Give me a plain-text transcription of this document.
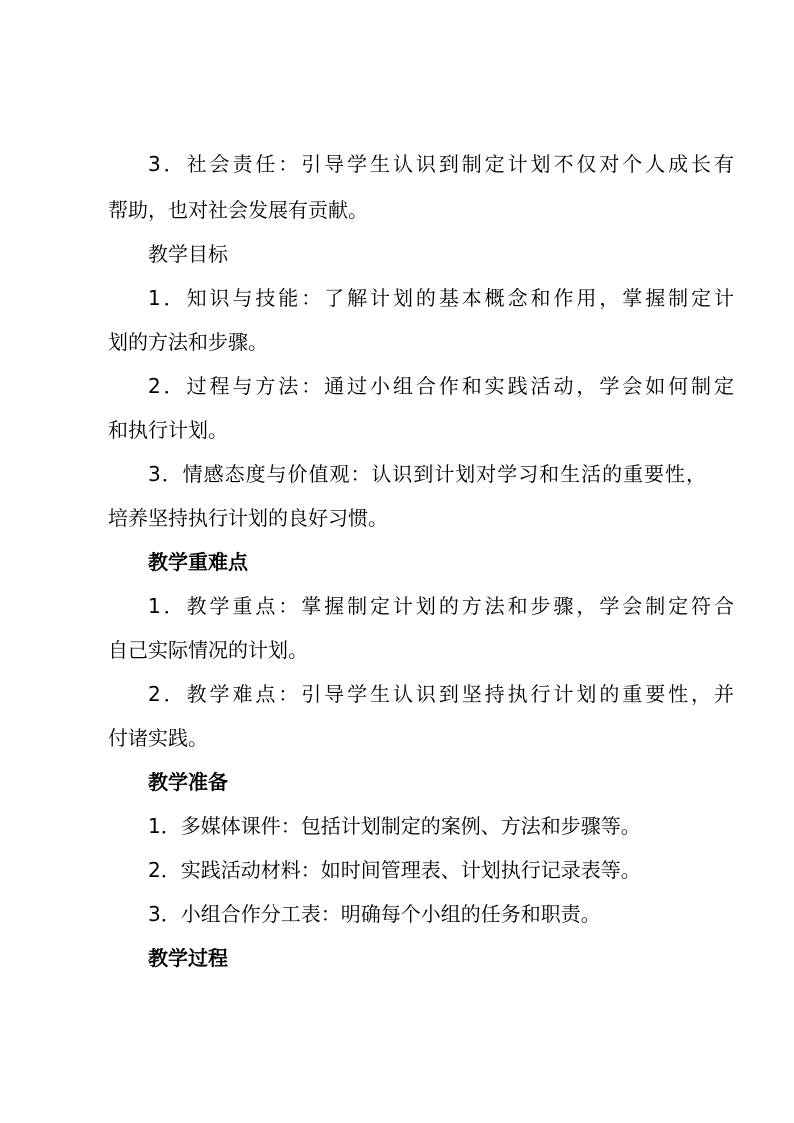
3．社会责任：引导学生认识到制定计划不仅对个人成长有
帮助，也对社会发展有贡献。
教学目标
1．知识与技能：了解计划的基本概念和作用，掌握制定计
划的方法和步骤。
2．过程与方法：通过小组合作和实践活动，学会如何制定
和执行计划。
3．情感态度与价值观：认识到计划对学习和生活的重要性，
培养坚持执行计划的良好习惯。
教学重难点
1．教学重点：掌握制定计划的方法和步骤，学会制定符合
自己实际情况的计划。
2．教学难点：引导学生认识到坚持执行计划的重要性，并
付诸实践。
教学准备
1．多媒体课件：包括计划制定的案例、方法和步骤等。
2．实践活动材料：如时间管理表、计划执行记录表等。
3．小组合作分工表：明确每个小组的任务和职责。
教学过程
